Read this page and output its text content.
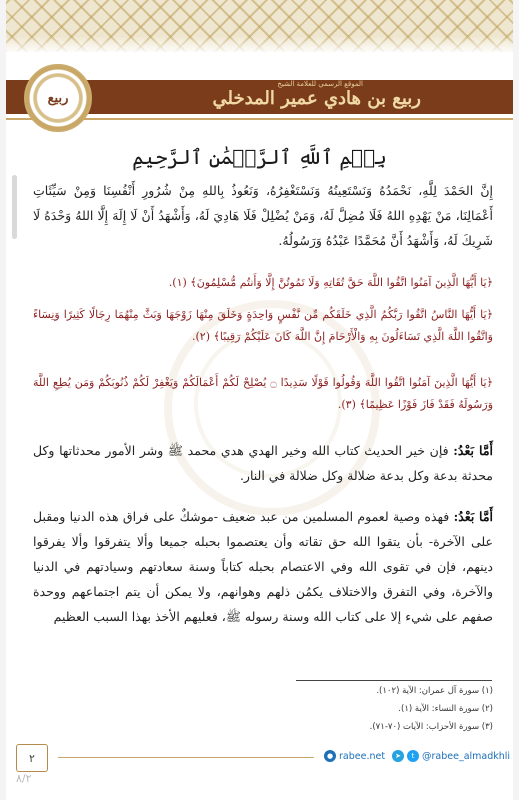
الموقع الرسمي للعلامة الشيخ
ربيع بن هادي عمير المدخلي
ربيع
بِسۡمِ ٱللَّهِ ٱلرَّحۡمَٰنِ ٱلرَّحِيمِ
إِنَّ الحَمْدَ لِلَّهِ، نَحْمَدُهُ وَنَسْتَعِينُهُ وَنَسْتَغْفِرُهُ، وَنَعُوذُ بِاللهِ مِنْ شُرُورِ أَنْفُسِنَا وَمِنْ سَيِّئَاتِ أَعْمَالِنَا، مَنْ يَهْدِهِ اللهُ فَلَا مُضِلَّ لَهُ، وَمَنْ يُضْلِلْ فَلَا هَادِيَ لَهُ، وَأَشْهَدُ أَنْ لَا إِلَهَ إِلَّا اللهُ وَحْدَهُ لَا شَرِيكَ لَهُ، وَأَشْهَدُ أَنَّ مُحَمَّدًا عَبْدُهُ وَرَسُولُهُ.
﴿يَا أَيُّهَا الَّذِينَ آمَنُوا اتَّقُوا اللَّهَ حَقَّ تُقَاتِهِ وَلَا تَمُوتُنَّ إِلَّا وَأَنتُم مُّسْلِمُونَ﴾ (١).
﴿يَا أَيُّهَا النَّاسُ اتَّقُوا رَبَّكُمُ الَّذِي خَلَقَكُم مِّن نَّفْسٍ وَاحِدَةٍ وَخَلَقَ مِنْهَا زَوْجَهَا وَبَثَّ مِنْهُمَا رِجَالًا كَثِيرًا وَنِسَاءً وَاتَّقُوا اللَّهَ الَّذِي تَسَاءَلُونَ بِهِ وَالْأَرْحَامَ إِنَّ اللَّهَ كَانَ عَلَيْكُمْ رَقِيبًا﴾ (٢).
﴿يَا أَيُّهَا الَّذِينَ آمَنُوا اتَّقُوا اللَّهَ وَقُولُوا قَوْلًا سَدِيدًا ۝ يُصْلِحْ لَكُمْ أَعْمَالَكُمْ وَيَغْفِرْ لَكُمْ ذُنُوبَكُمْ وَمَن يُطِعِ اللَّهَ وَرَسُولَهُ فَقَدْ فَازَ فَوْزًا عَظِيمًا﴾ (٣).
أَمَّا بَعْدُ: فإن خير الحديث كتاب الله وخير الهدي هدي محمد ﷺ وشر الأمور محدثاتها وكل محدثة بدعة وكل بدعة ضلالة وكل ضلالة في النار.
أَمَّا بَعْدُ: فهذه وصية لعموم المسلمين من عبد ضعيف -موشكٌ على فراق هذه الدنيا ومقبل على الآخرة- بأن يتقوا الله حق تقاته وأن يعتصموا بحبله جميعا وألا يتفرقوا وألا يفرقوا دينهم، فإن في تقوى الله وفي الاعتصام بحبله كتاباً وسنة سعادتهم وسيادتهم في الدنيا والآخرة، وفي التفرق والاختلاف يكمُن ذلهم وهوانهم، ولا يمكن أن يتم اجتماعهم ووحدة صفهم على شيء إلا على كتاب الله وسنة رسوله ﷺ، فعليهم الأخذ بهذا السبب العظيم
(١) سورة آل عمران: الآية (١٠٢).
(٢) سورة النساء: الآية (١).
(٣) سورة الأحزاب: الآيات (٧٠-٧١).
٢
٨/٢
● rabee.net	➤	t @rabee_almadkhli
